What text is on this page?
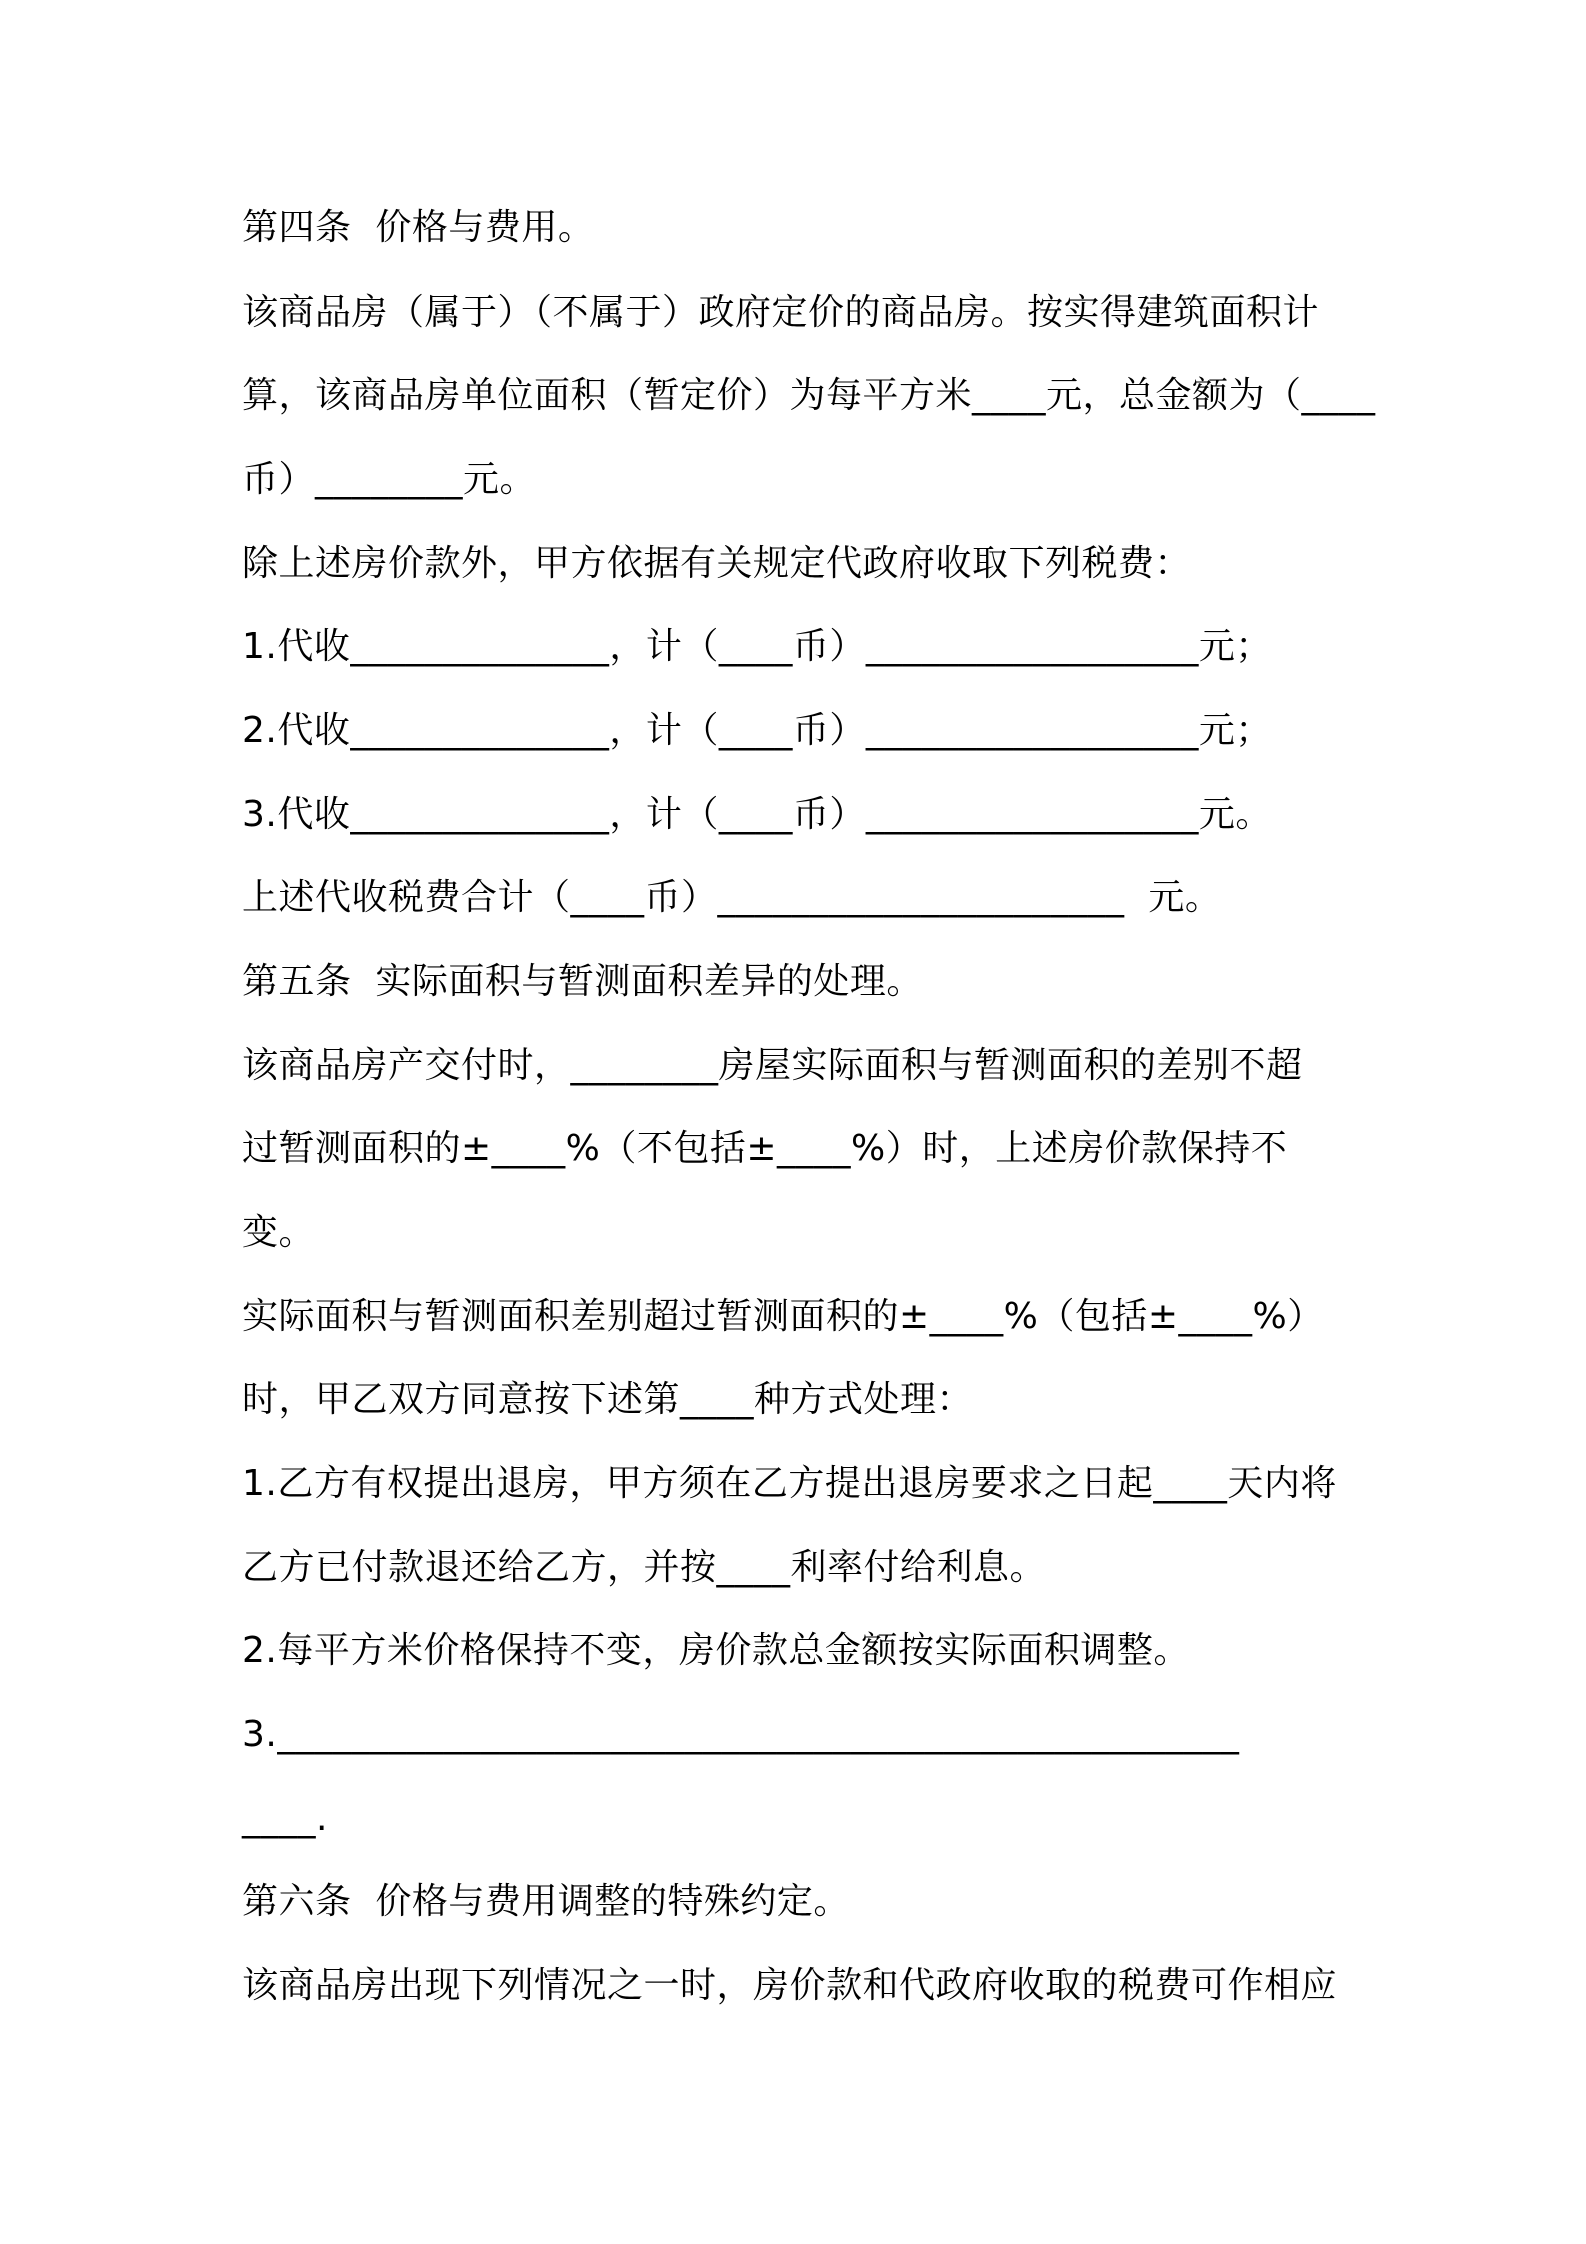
第四条  价格与费用。
该商品房（属于）（不属于）政府定价的商品房。按实得建筑面积计
算，该商品房单位面积（暂定价）为每平方米____元，总金额为（____
币）________元。
除上述房价款外，甲方依据有关规定代政府收取下列税费：
1.代收______________，计（____币）__________________元；
2.代收______________，计（____币）__________________元；
3.代收______________，计（____币）__________________元。
上述代收税费合计（____币）______________________  元。
第五条  实际面积与暂测面积差异的处理。
该商品房产交付时，________房屋实际面积与暂测面积的差别不超
过暂测面积的±____%（不包括±____%）时，上述房价款保持不
变。
实际面积与暂测面积差别超过暂测面积的±____%（包括±____%）
时，甲乙双方同意按下述第____种方式处理：
1.乙方有权提出退房，甲方须在乙方提出退房要求之日起____天内将
乙方已付款退还给乙方，并按____利率付给利息。
2.每平方米价格保持不变，房价款总金额按实际面积调整。
3.____________________________________________________
____.
第六条  价格与费用调整的特殊约定。
该商品房出现下列情况之一时，房价款和代政府收取的税费可作相应
